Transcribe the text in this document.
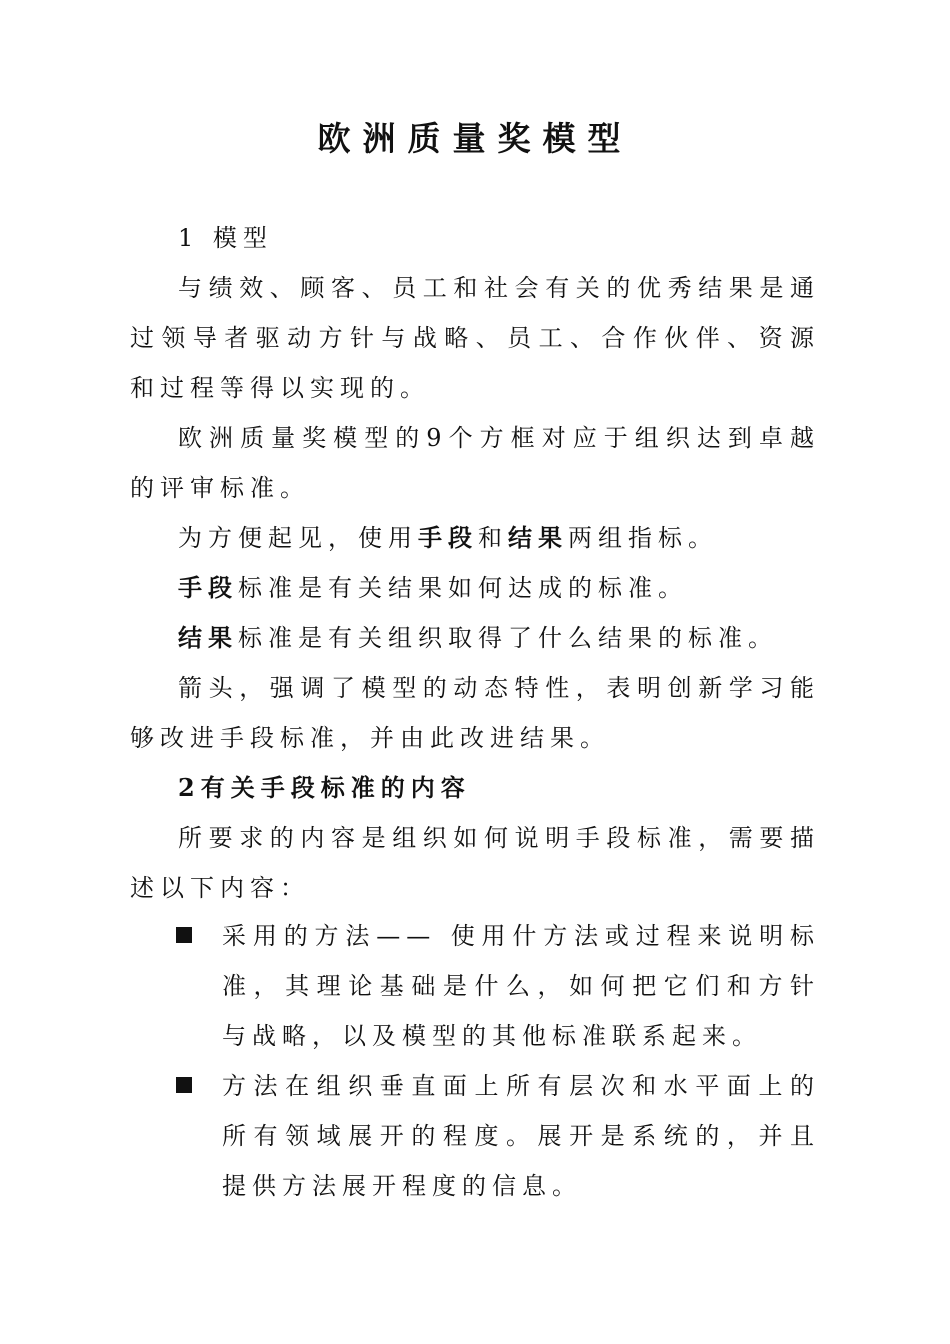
欧洲质量奖模型
1 模型
与绩效、顾客、员工和社会有关的优秀结果是通
过领导者驱动方针与战略、员工、合作伙伴、资源
和过程等得以实现的。
欧洲质量奖模型的9个方框对应于组织达到卓越
的评审标准。
为方便起见，使用手段和结果两组指标。
手段标准是有关结果如何达成的标准。
结果标准是有关组织取得了什么结果的标准。
箭头，强调了模型的动态特性，表明创新学习能
够改进手段标准，并由此改进结果。
2有关手段标准的内容
所要求的内容是组织如何说明手段标准，需要描
述以下内容：
采用的方法—— 使用什方法或过程来说明标
准，其理论基础是什么，如何把它们和方针
与战略，以及模型的其他标准联系起来。
方法在组织垂直面上所有层次和水平面上的
所有领域展开的程度。展开是系统的，并且
提供方法展开程度的信息。
